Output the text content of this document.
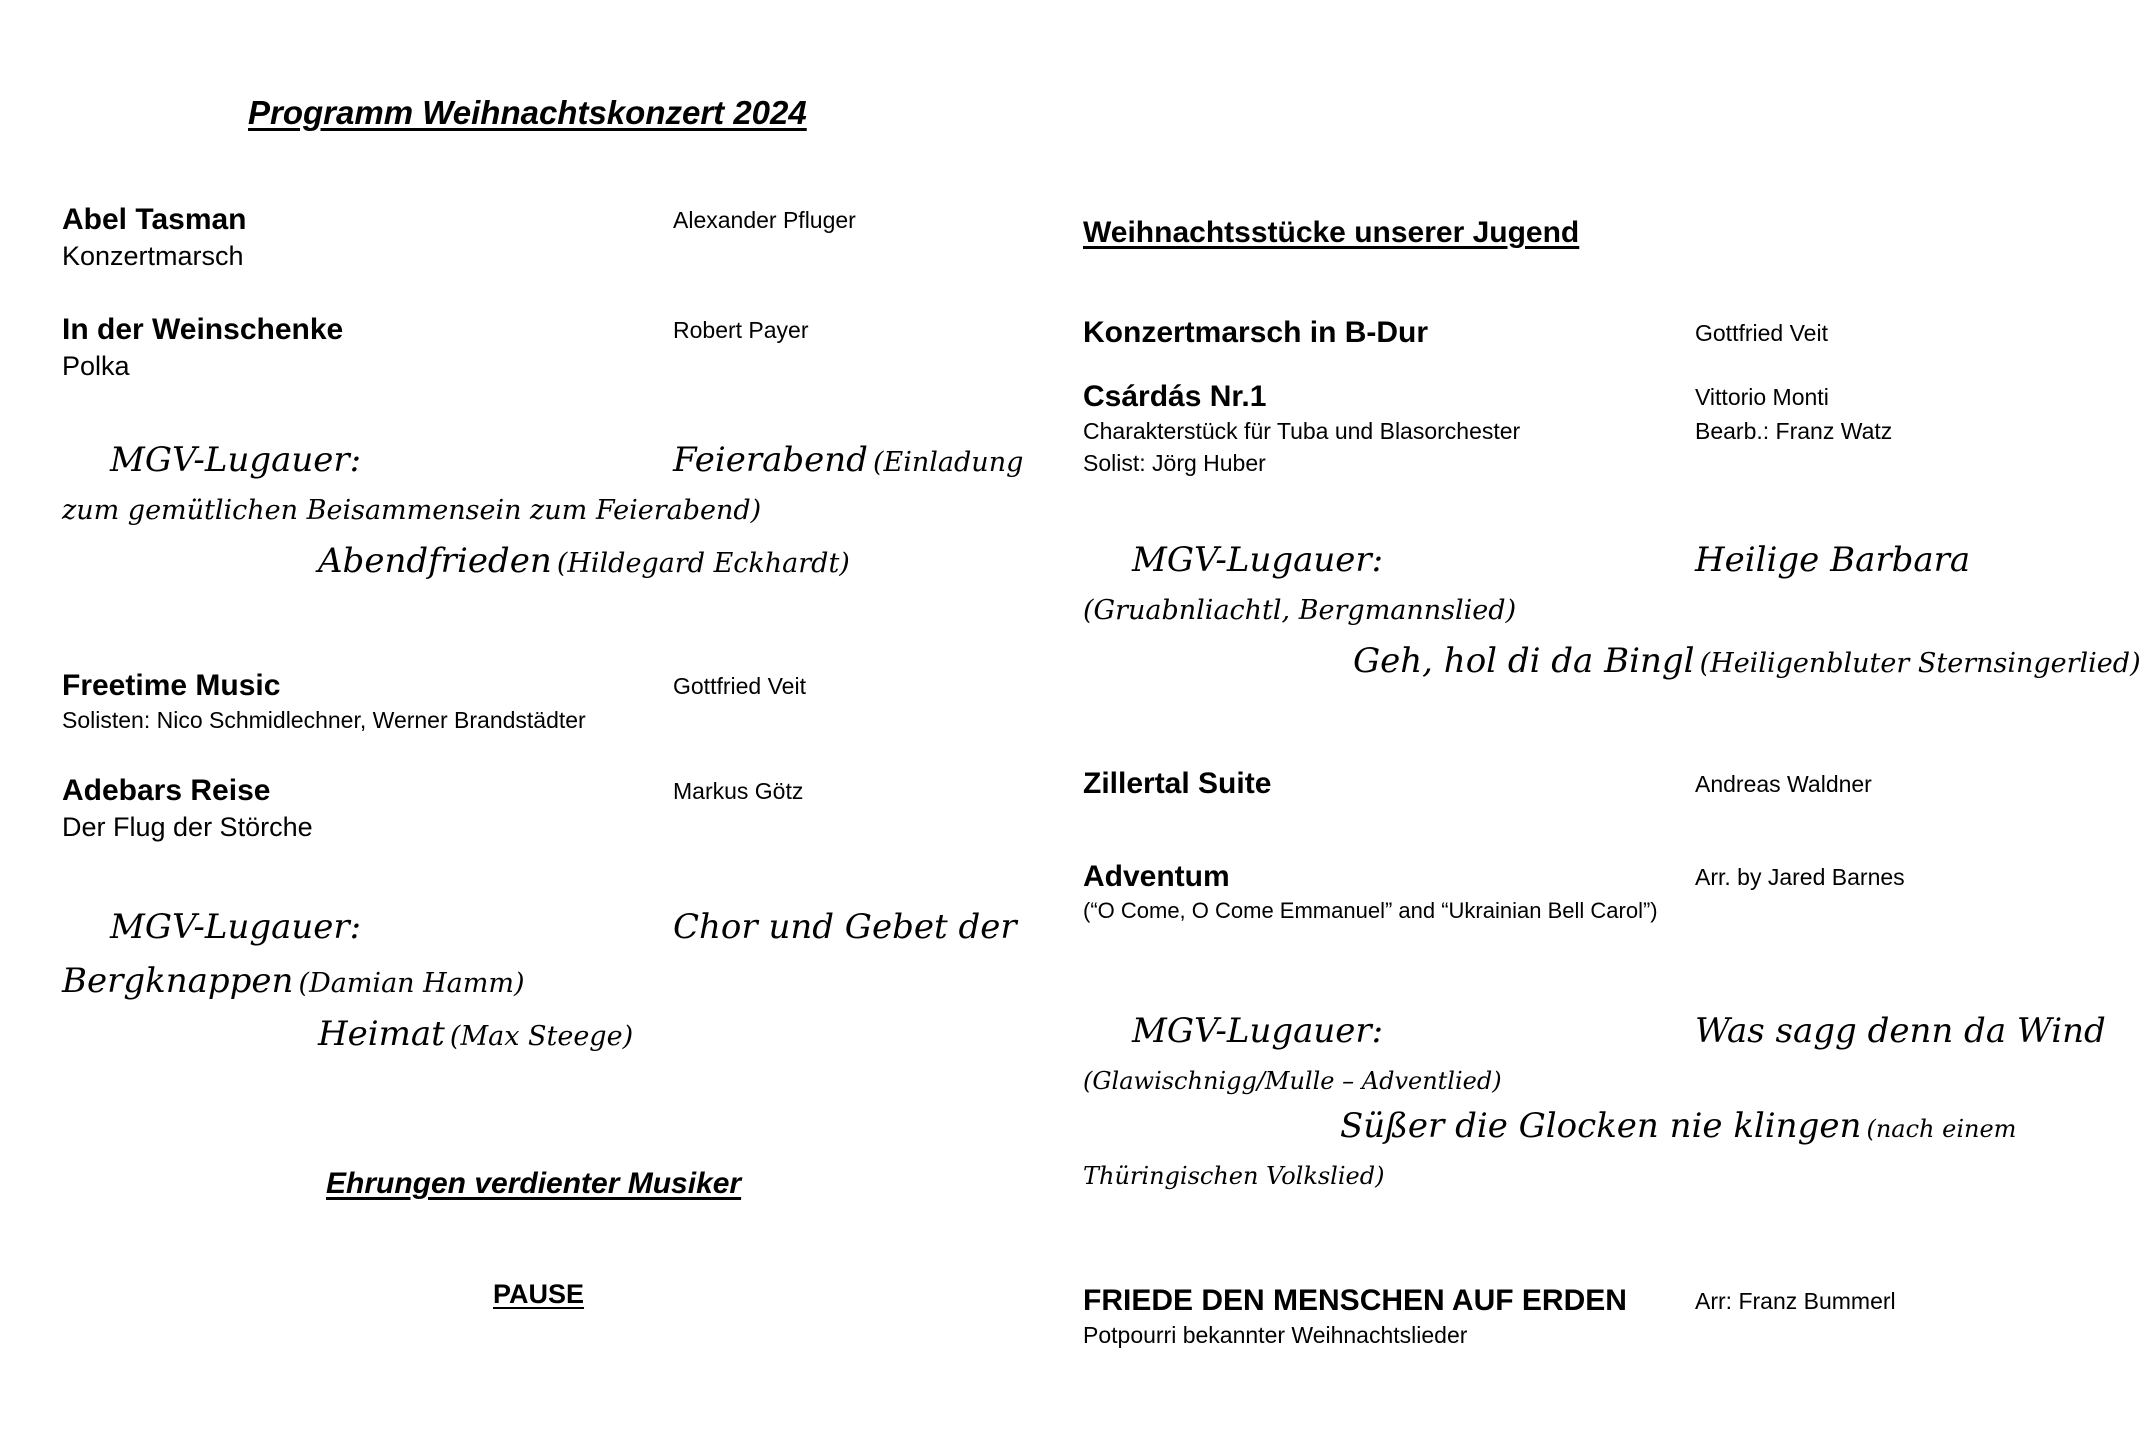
Programm Weihnachtskonzert 2024
Abel Tasman	Alexander Pfluger
Konzertmarsch
In der Weinschenke	Robert Payer
Polka
MGV-Lugauer:	Feierabend (Einladung
zum gemütlichen Beisammensein zum Feierabend)
Abendfrieden (Hildegard Eckhardt)
Freetime Music	Gottfried Veit
Solisten: Nico Schmidlechner, Werner Brandstädter
Adebars Reise	Markus Götz
Der Flug der Störche
MGV-Lugauer:	Chor und Gebet der
Bergknappen (Damian Hamm)
Heimat (Max Steege)
Ehrungen verdienter Musiker
PAUSE
Weihnachtsstücke unserer Jugend
Konzertmarsch in B-Dur	Gottfried Veit
Csárdás Nr.1	Vittorio Monti
Charakterstück für Tuba und Blasorchester	Bearb.: Franz Watz
Solist: Jörg Huber
MGV-Lugauer:	Heilige Barbara
(Gruabnliachtl, Bergmannslied)
Geh, hol di da Bingl (Heiligenbluter Sternsingerlied)
Zillertal Suite	Andreas Waldner
Adventum	Arr. by Jared Barnes
(“O Come, O Come Emmanuel” and “Ukrainian Bell Carol”)
MGV-Lugauer:	Was sagg denn da Wind
(Glawischnigg/Mulle – Adventlied)
Süßer die Glocken nie klingen (nach einem
Thüringischen Volkslied)
FRIEDE DEN MENSCHEN AUF ERDEN	Arr: Franz Bummerl
Potpourri bekannter Weihnachtslieder
